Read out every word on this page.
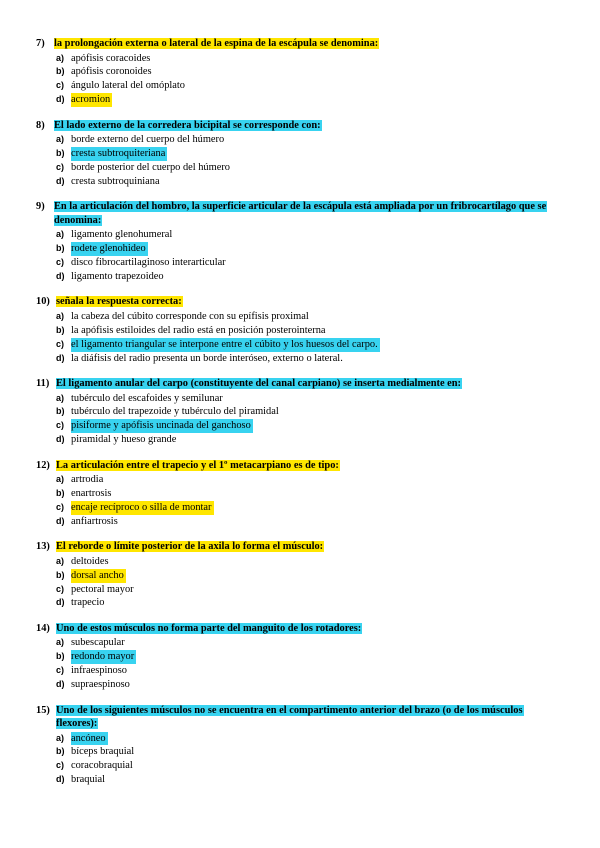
7) la prolongación externa o lateral de la espina de la escápula se denomina:
a) apófisis coracoides
b) apófisis coronoides
c) ángulo lateral del omóplato
d) acromion
8) El lado externo de la corredera bicipital se corresponde con:
a) borde externo del cuerpo del húmero
b) cresta subtroquiteriana
c) borde posterior del cuerpo del húmero
d) cresta subtroquiniana
9) En la articulación del hombro, la superficie articular de la escápula está ampliada por un fribrocartílago que se denomina:
a) ligamento glenohumeral
b) rodete glenohideo
c) disco fibrocartilaginoso interarticular
d) ligamento trapezoideo
10) señala la respuesta correcta:
a) la cabeza del cúbito corresponde con su epífisis proximal
b) la apófisis estiloides del radio está en posición posterointerna
c) el ligamento triangular se interpone entre el cúbito y los huesos del carpo.
d) la diáfisis del radio presenta un borde interóseo, externo o lateral.
11) El ligamento anular del carpo (constituyente del canal carpiano) se inserta medialmente en:
a) tubérculo del escafoides y semilunar
b) tubérculo del trapezoide y tubérculo del piramidal
c) pisiforme y apófisis uncinada del ganchoso
d) piramidal y hueso grande
12) La articulación entre el trapecio y el 1º metacarpiano es de tipo:
a) artrodia
b) enartrosis
c) encaje recíproco o silla de montar
d) anfiartrosis
13) El reborde o límite posterior de la axila lo forma el músculo:
a) deltoides
b) dorsal ancho
c) pectoral mayor
d) trapecio
14) Uno de estos músculos no forma parte del manguito de los rotadores:
a) subescapular
b) redondo mayor
c) infraespinoso
d) supraespinoso
15) Uno de los siguientes músculos no se encuentra en el compartimento anterior del brazo (o de los músculos flexores):
a) ancóneo
b) bíceps braquial
c) coracobraquial
d) braquial
